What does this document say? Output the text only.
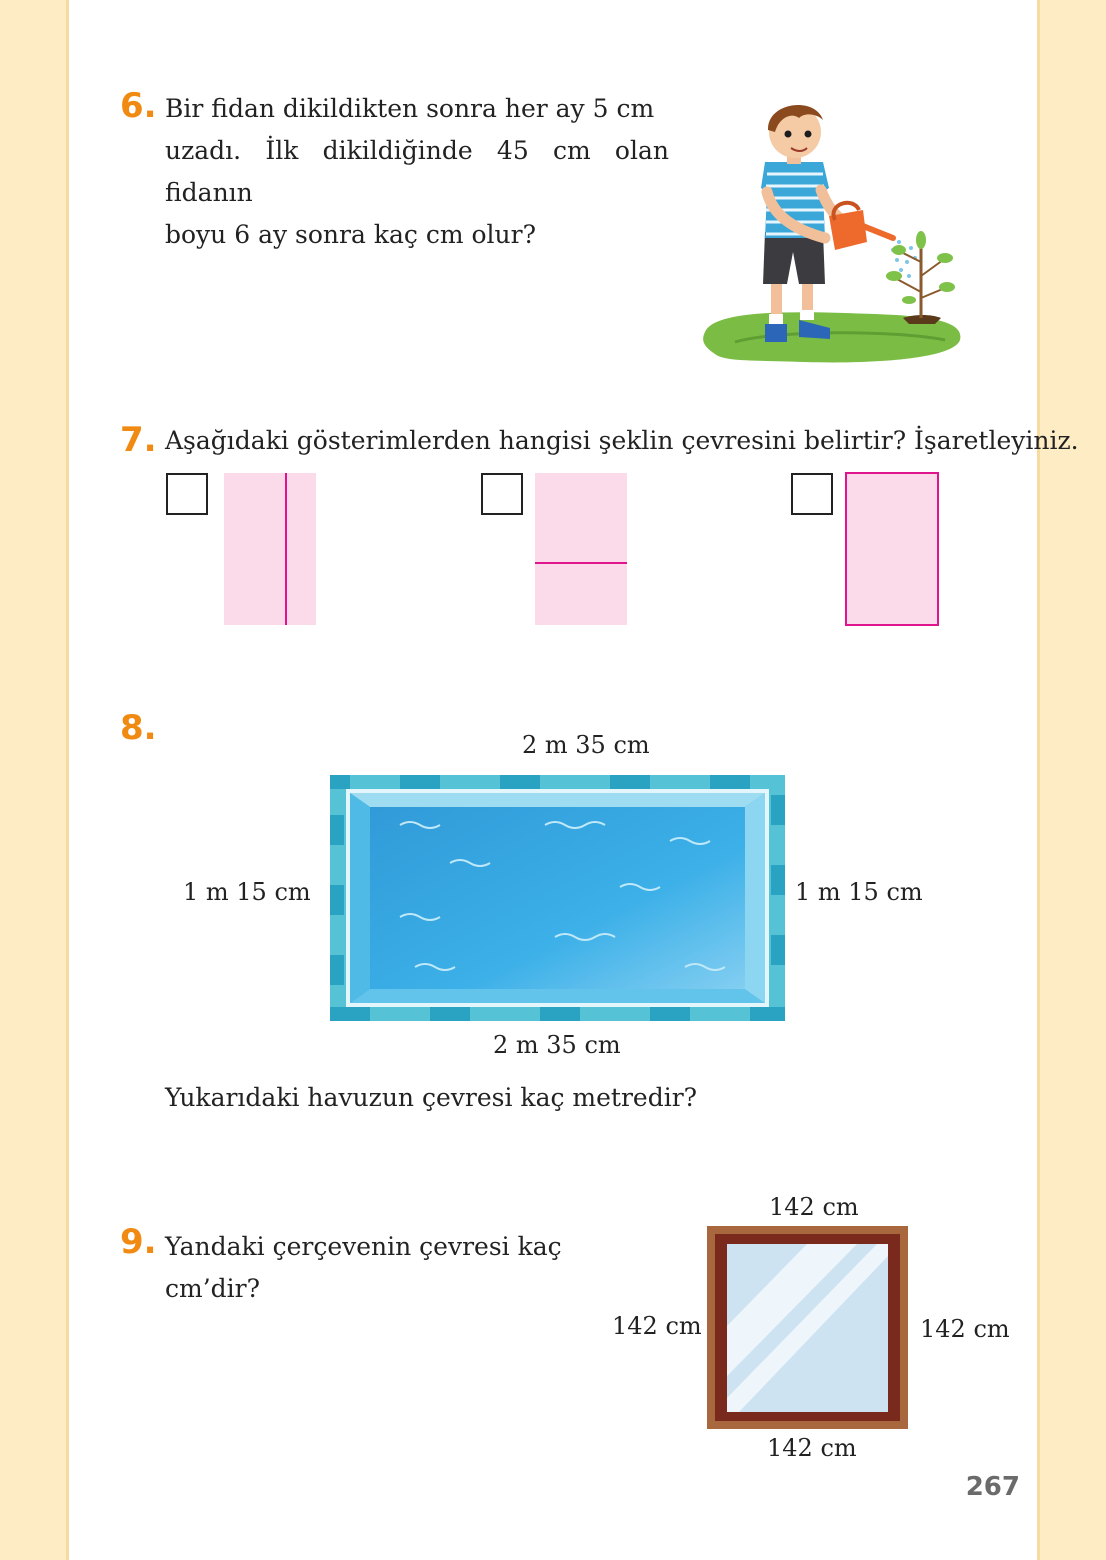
6. Bir fidan dikildikten sonra her ay 5 cm
uzadı. İlk dikildiğinde 45 cm olan fidanın
boyu 6 ay sonra kaç cm olur?
7. Aşağıdaki gösterimlerden hangisi şeklin çevresini belirtir? İşaretleyiniz.
8.	2 m 35 cm
1 m 15 cm	1 m 15 cm
2 m 35 cm
Yukarıdaki havuzun çevresi kaç metredir?
9. Yandaki çerçevenin çevresi kaç
cm’dir?
142 cm
142 cm	142 cm
142 cm
267
